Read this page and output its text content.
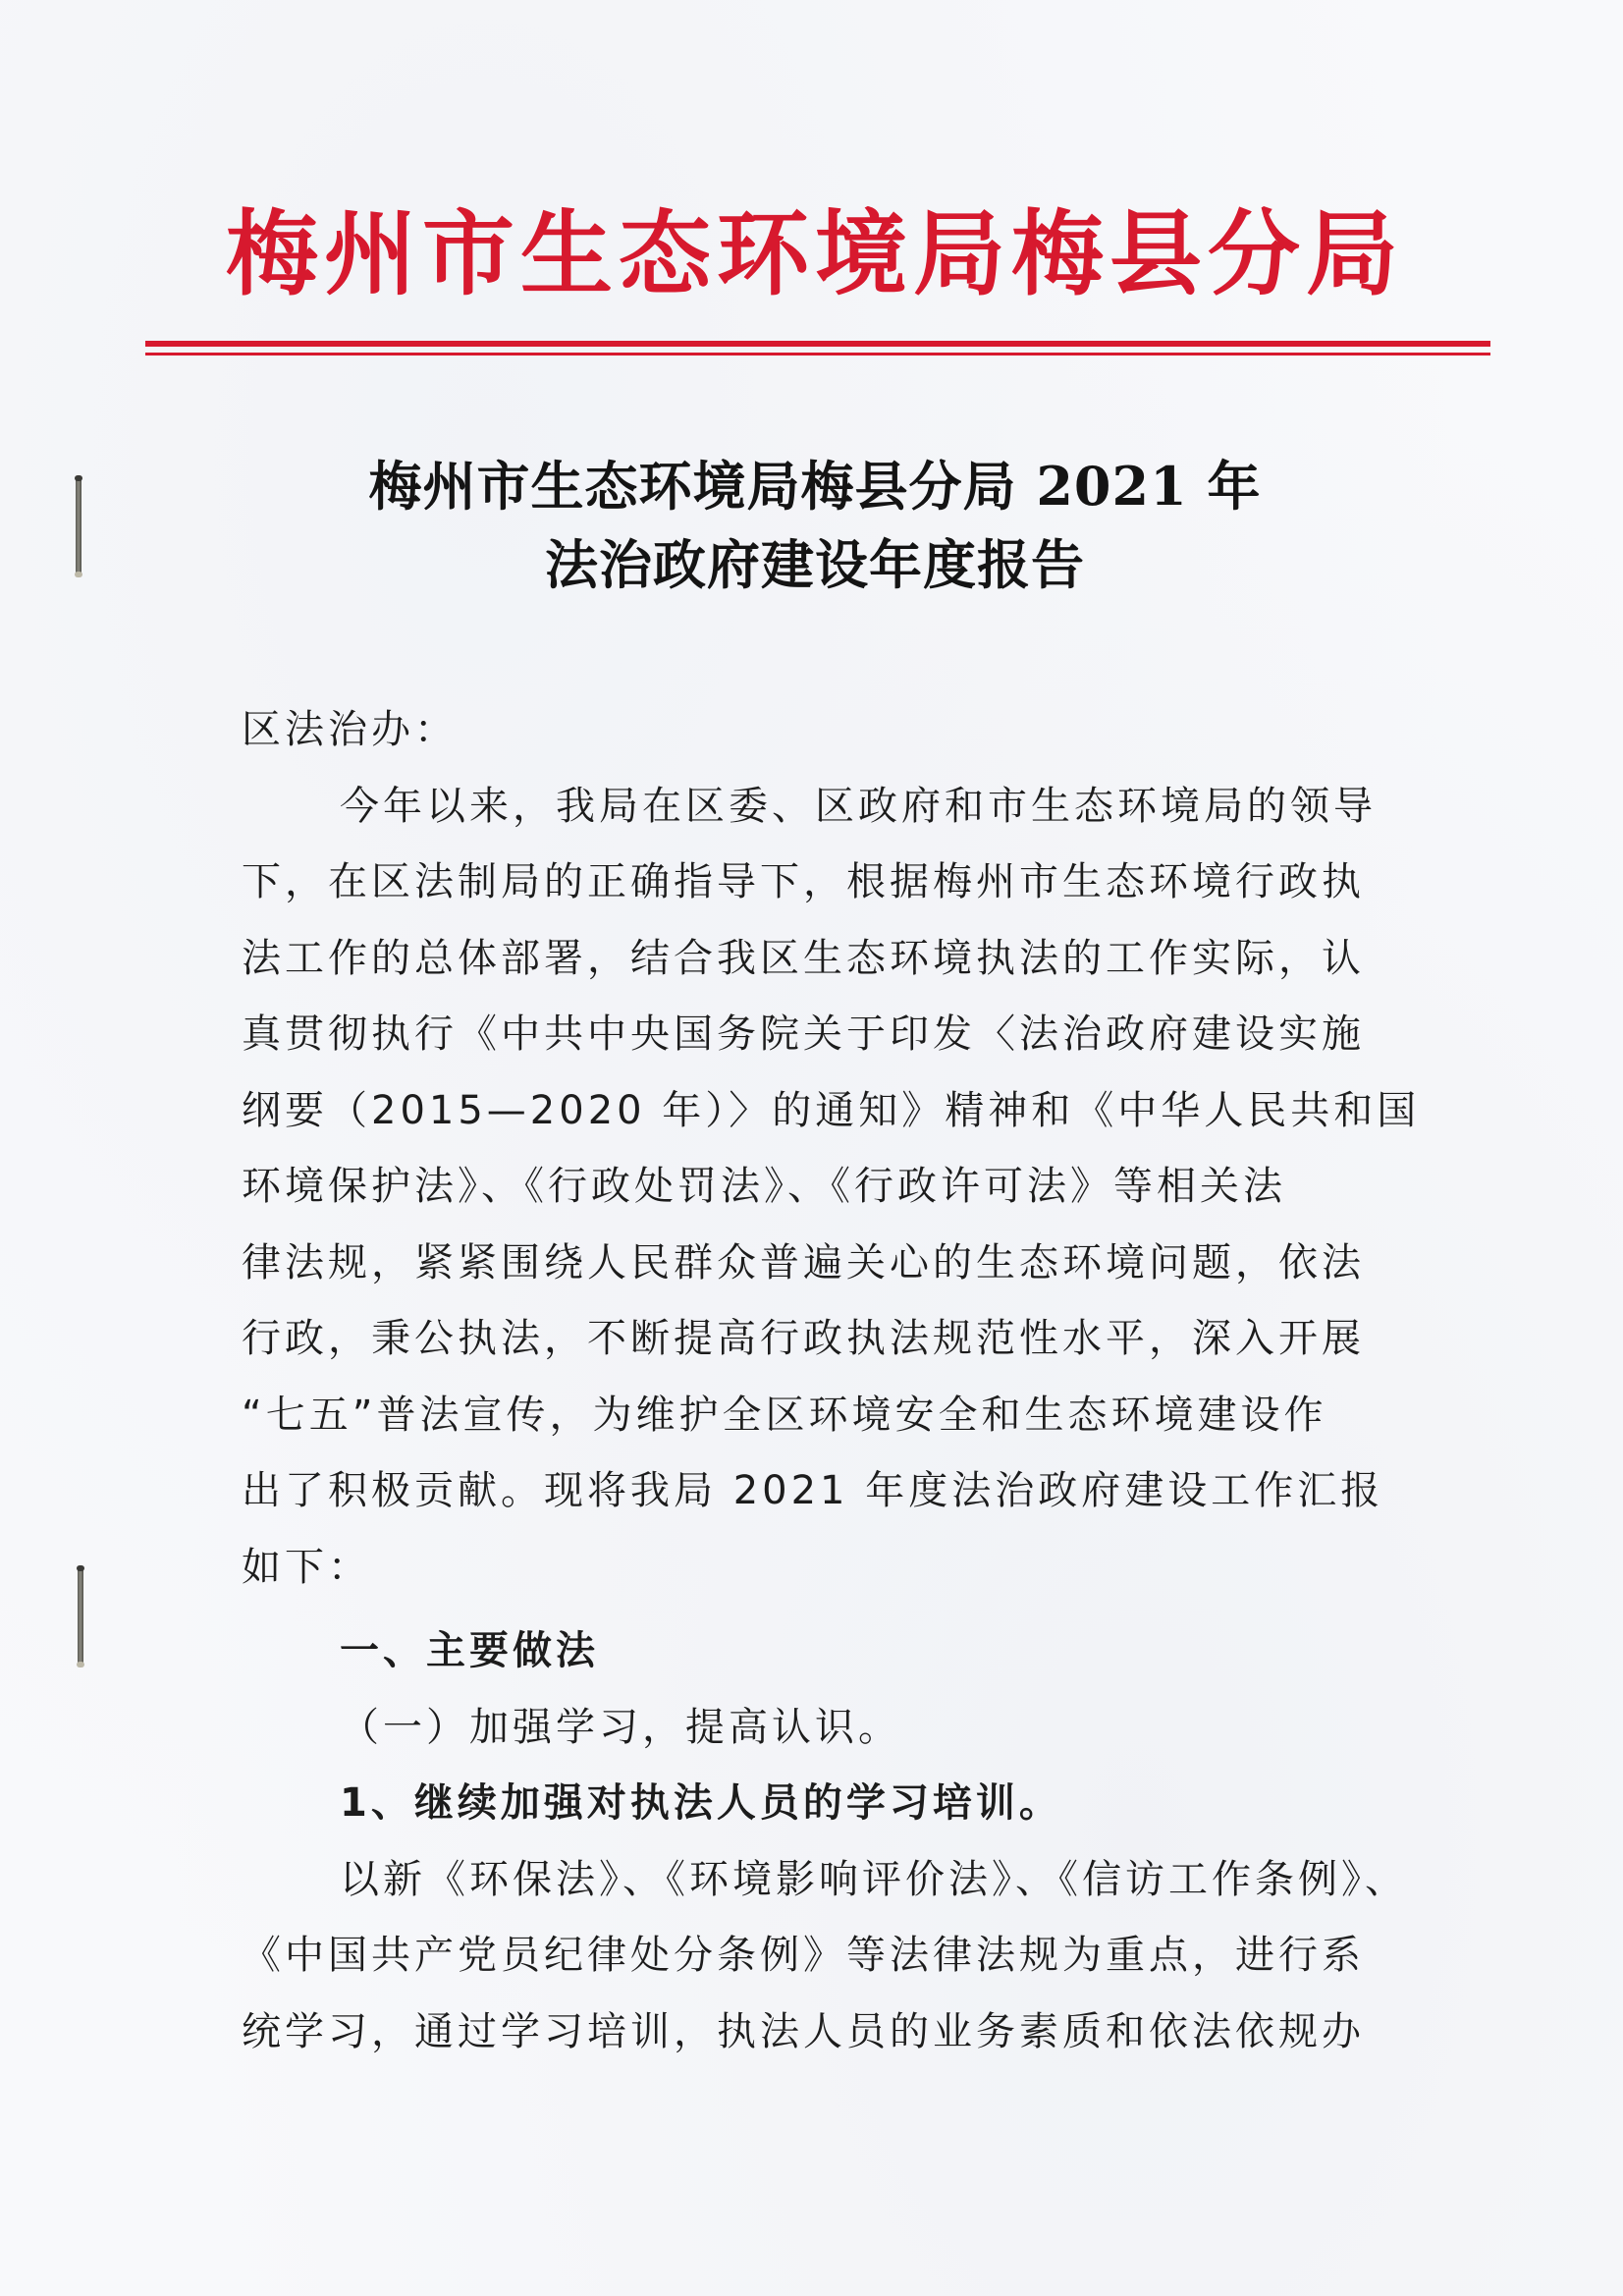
梅州市生态环境局梅县分局
梅州市生态环境局梅县分局 2021 年
法治政府建设年度报告
区法治办：
今年以来，我局在区委、区政府和市生态环境局的领导
下，在区法制局的正确指导下，根据梅州市生态环境行政执
法工作的总体部署，结合我区生态环境执法的工作实际，认
真贯彻执行《中共中央国务院关于印发〈法治政府建设实施
纲要（2015—2020 年）〉的通知》精神和《中华人民共和国
环境保护法》、《行政处罚法》、《行政许可法》等相关法
律法规，紧紧围绕人民群众普遍关心的生态环境问题，依法
行政，秉公执法，不断提高行政执法规范性水平，深入开展
“七五”普法宣传，为维护全区环境安全和生态环境建设作
出了积极贡献。现将我局 2021 年度法治政府建设工作汇报
如下：
一、主要做法
（一）加强学习，提高认识。
1、继续加强对执法人员的学习培训。
以新《环保法》、《环境影响评价法》、《信访工作条例》、
《中国共产党员纪律处分条例》等法律法规为重点，进行系
统学习，通过学习培训，执法人员的业务素质和依法依规办
